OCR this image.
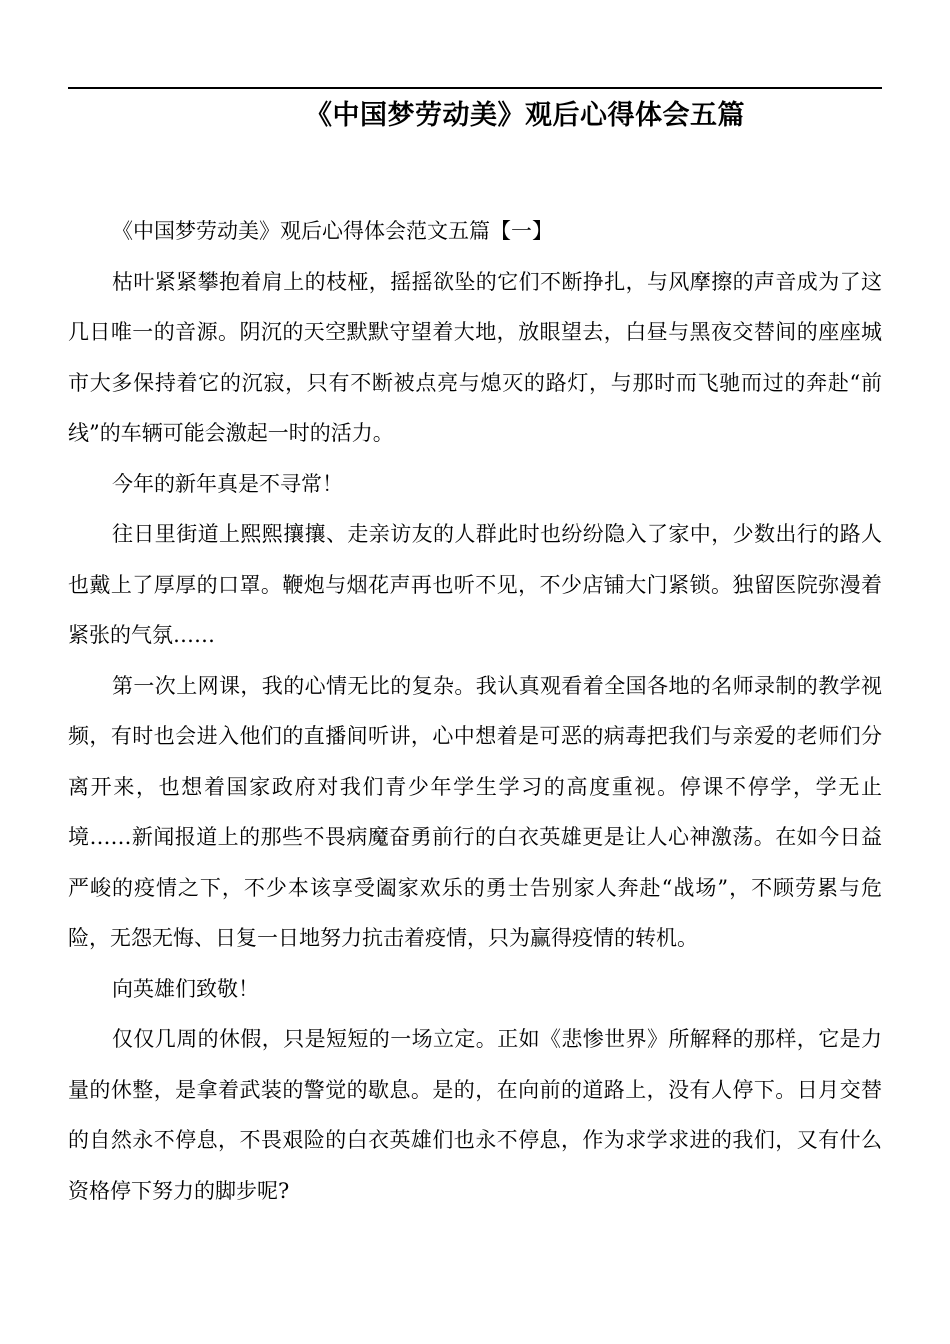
《中国梦劳动美》观后心得体会五篇

《中国梦劳动美》观后心得体会范文五篇【一】

枯叶紧紧攀抱着肩上的枝桠，摇摇欲坠的它们不断挣扎，与风摩擦的声音成为了这几日唯一的音源。阴沉的天空默默守望着大地，放眼望去，白昼与黑夜交替间的座座城市大多保持着它的沉寂，只有不断被点亮与熄灭的路灯，与那时而飞驰而过的奔赴“前线”的车辆可能会激起一时的活力。

今年的新年真是不寻常！

往日里街道上熙熙攘攘、走亲访友的人群此时也纷纷隐入了家中，少数出行的路人也戴上了厚厚的口罩。鞭炮与烟花声再也听不见，不少店铺大门紧锁。独留医院弥漫着紧张的气氛……

第一次上网课，我的心情无比的复杂。我认真观看着全国各地的名师录制的教学视频，有时也会进入他们的直播间听讲，心中想着是可恶的病毒把我们与亲爱的老师们分离开来，也想着国家政府对我们青少年学生学习的高度重视。停课不停学，学无止境……新闻报道上的那些不畏病魔奋勇前行的白衣英雄更是让人心神激荡。在如今日益严峻的疫情之下，不少本该享受阖家欢乐的勇士告别家人奔赴“战场”，不顾劳累与危险，无怨无悔、日复一日地努力抗击着疫情，只为赢得疫情的转机。

向英雄们致敬！

仅仅几周的休假，只是短短的一场立定。正如《悲惨世界》所解释的那样，它是力量的休整，是拿着武装的警觉的歇息。是的，在向前的道路上，没有人停下。日月交替的自然永不停息，不畏艰险的白衣英雄们也永不停息，作为求学求进的我们，又有什么资格停下努力的脚步呢?
